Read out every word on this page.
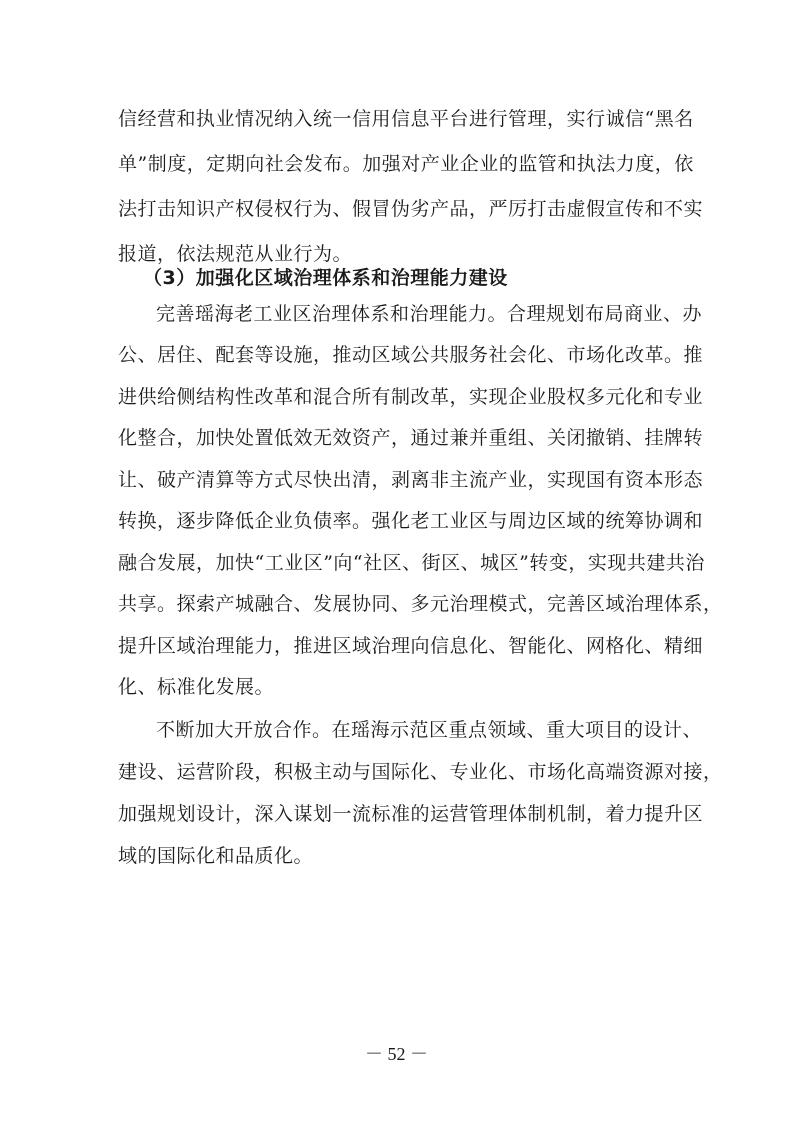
信经营和执业情况纳入统一信用信息平台进行管理，实行诚信“黑名
单”制度，定期向社会发布。加强对产业企业的监管和执法力度，依
法打击知识产权侵权行为、假冒伪劣产品，严厉打击虚假宣传和不实
报道，依法规范从业行为。
（3）加强化区域治理体系和治理能力建设
完善瑶海老工业区治理体系和治理能力。合理规划布局商业、办
公、居住、配套等设施，推动区域公共服务社会化、市场化改革。推
进供给侧结构性改革和混合所有制改革，实现企业股权多元化和专业
化整合，加快处置低效无效资产，通过兼并重组、关闭撤销、挂牌转
让、破产清算等方式尽快出清，剥离非主流产业，实现国有资本形态
转换，逐步降低企业负债率。强化老工业区与周边区域的统筹协调和
融合发展，加快“工业区”向“社区、街区、城区”转变，实现共建共治
共享。探索产城融合、发展协同、多元治理模式，完善区域治理体系，
提升区域治理能力，推进区域治理向信息化、智能化、网格化、精细
化、标准化发展。
不断加大开放合作。在瑶海示范区重点领域、重大项目的设计、
建设、运营阶段，积极主动与国际化、专业化、市场化高端资源对接，
加强规划设计，深入谋划一流标准的运营管理体制机制，着力提升区
域的国际化和品质化。
－ 52 －
